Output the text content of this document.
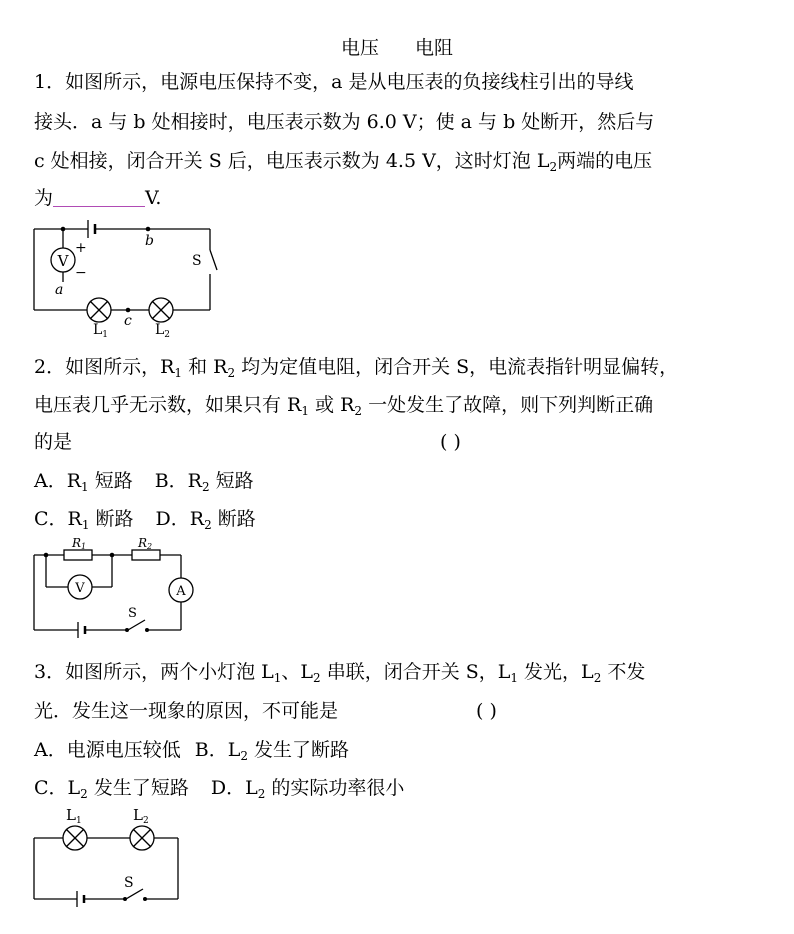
电压 电阻
1．如图所示，电源电压保持不变，a 是从电压表的负接线柱引出的导线
接头．a 与 b 处相接时，电压表示数为 6.0 V；使 a 与 b 处断开，然后与
c 处相接，闭合开关 S 后，电压表示数为 4.5 V，这时灯泡 $L_2$两端的电压
为	V.
V
+
−
a
b
c
S
$L_1$	$L_2$
2．如图所示，$R_1$ 和 $R_2$ 均为定值电阻，闭合开关 S，电流表指针明显偏转，
电压表几乎无示数，如果只有 $R_1$ 或 $R_2$ 一处发生了故障，则下列判断正确
的是	( )
A．$R_1$ 短路 B．$R_2$ 短路
C．$R_1$ 断路 D．$R_2$ 断路
R1	R2
V	A
S
3．如图所示，两个小灯泡 $L_1$、$L_2$ 串联，闭合开关 S，$L_1$ 发光，$L_2$ 不发
光．发生这一现象的原因，不可能是	( )
A．电源电压较低 B．$L_2$ 发生了断路
C．$L_2$ 发生了短路 D．$L_2$ 的实际功率很小
$L_1$	$L_2$
S
